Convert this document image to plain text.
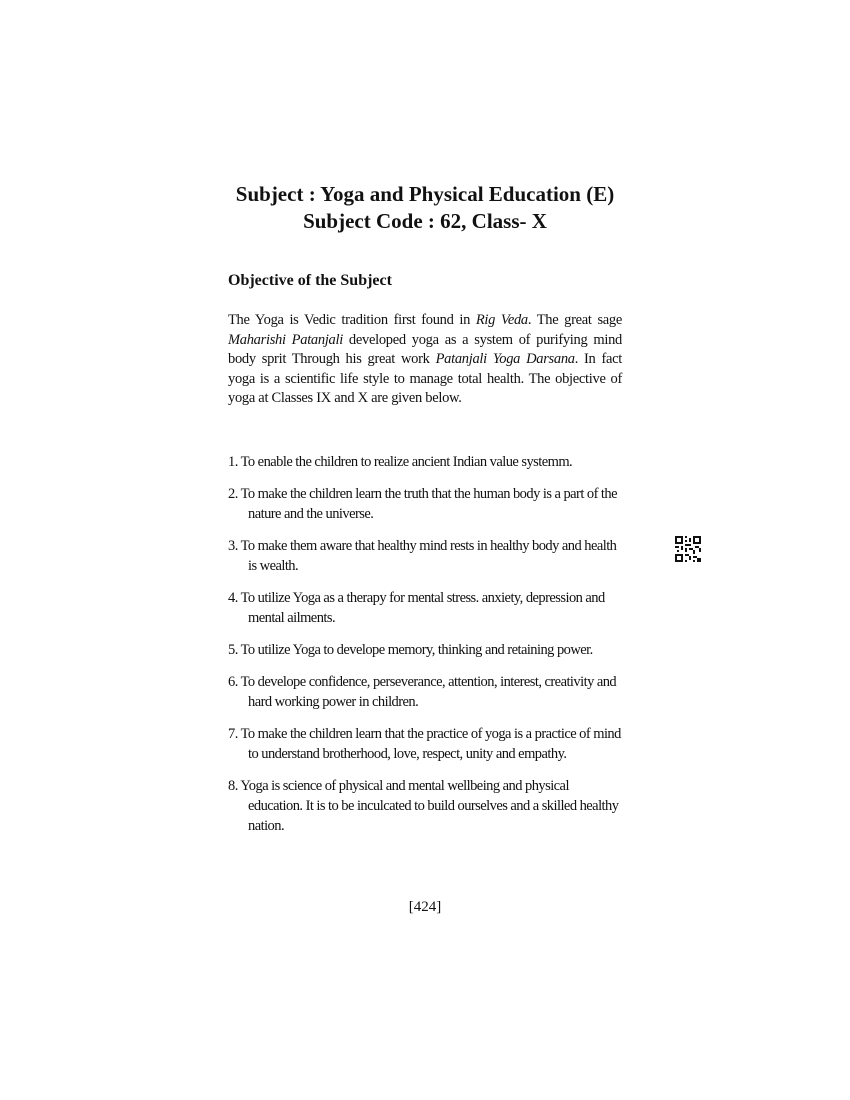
Subject : Yoga and Physical Education (E)
Subject Code : 62, Class- X
Objective of the Subject

The Yoga is Vedic tradition first found in Rig Veda. The great sage Maharishi Patanjali developed yoga as a system of purifying mind body sprit Through his great work Patanjali Yoga Darsana. In fact yoga is a scientific life style to manage total health. The objective of yoga at Classes IX and X are given below.

1. To enable the children to realize ancient Indian value systemm.
2. To make the children learn the truth that the human body is a part of the nature and the universe.
3. To make them aware that healthy mind rests in healthy body and health is wealth.
4. To utilize Yoga as a therapy for mental stress. anxiety, depression and mental ailments.
5. To utilize Yoga to develope memory, thinking and retaining power.
6. To develope confidence, perseverance, attention, interest, creativity and hard working power in children.
7. To make the children learn that the practice of yoga is a practice of mind to understand brotherhood, love, respect, unity and empathy.
8. Yoga is science of physical and mental wellbeing and physical education. It is to be inculcated to build ourselves and a skilled healthy nation.
[424]
